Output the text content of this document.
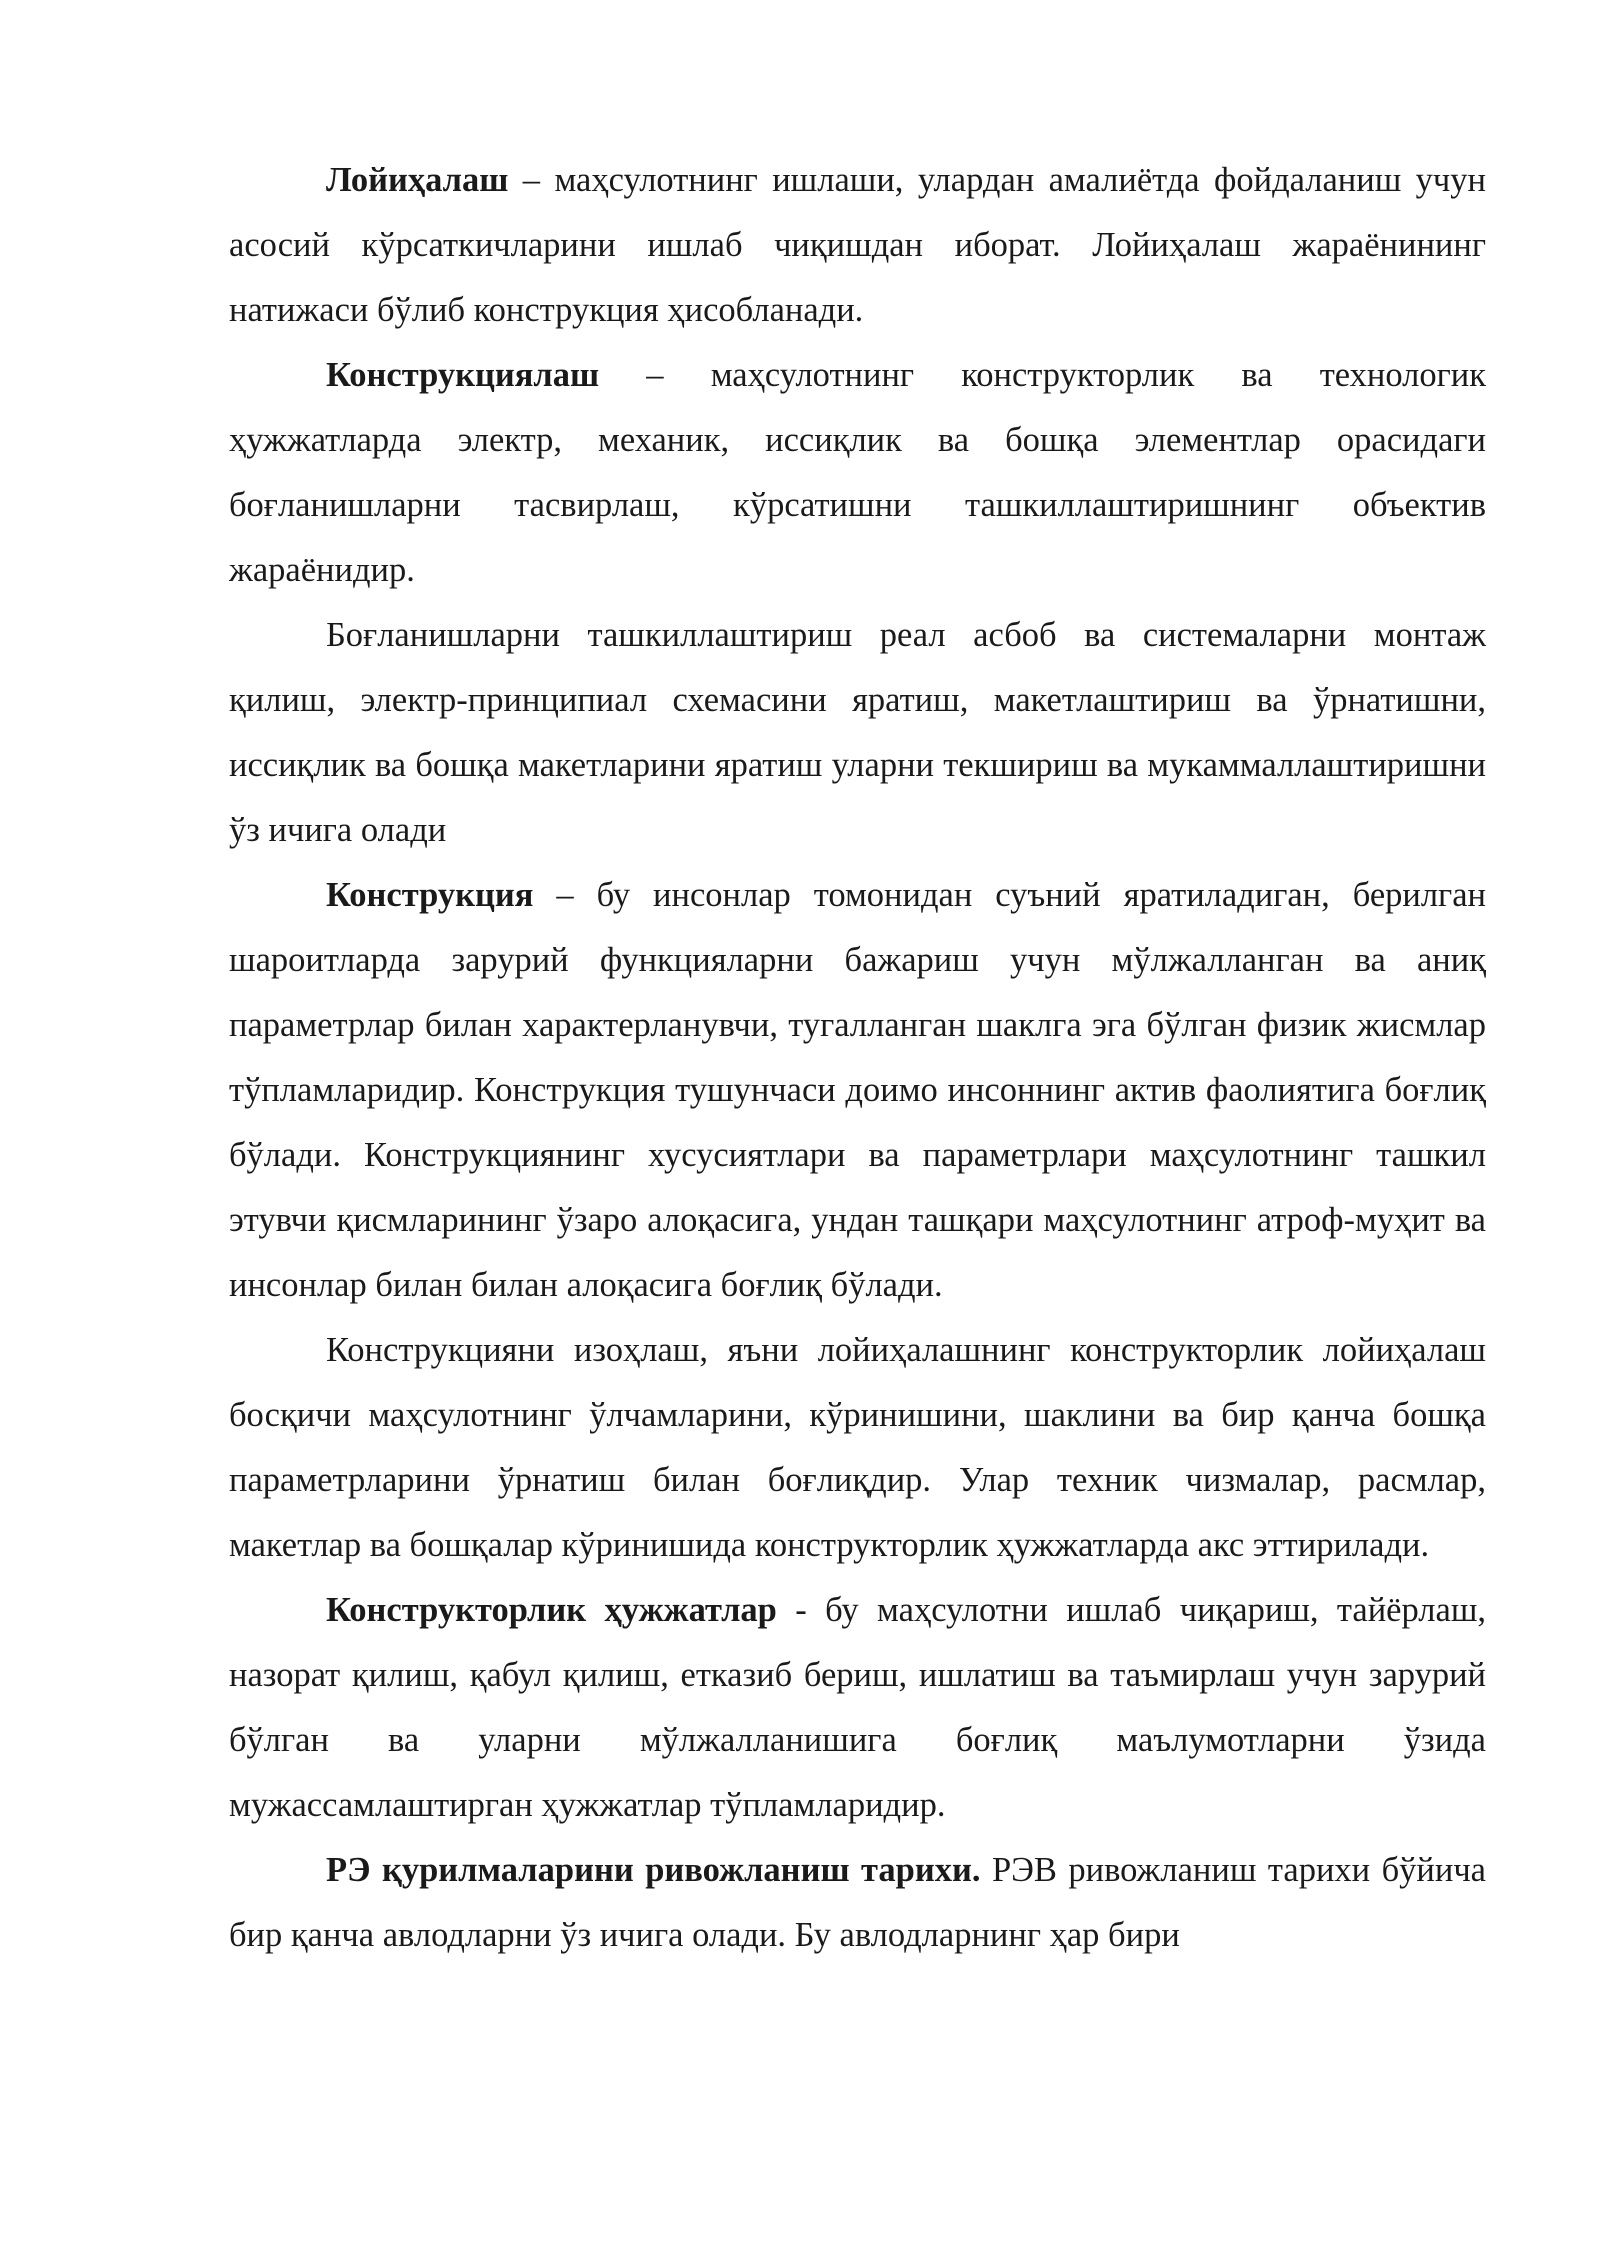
Лойиҳалаш – маҳсулотнинг ишлаши, улардан амалиётда фойдаланиш учун асосий кўрсаткичларини ишлаб чиқишдан иборат. Лойиҳалаш жараёнининг натижаси бўлиб конструкция ҳисобланади.

Конструкциялаш – маҳсулотнинг конструкторлик ва технологик ҳужжатларда электр, механик, иссиқлик ва бошқа элементлар орасидаги боғланишларни тасвирлаш, кўрсатишни ташкиллаштиришнинг объектив жараёнидир.

Боғланишларни ташкиллаштириш реал асбоб ва системаларни монтаж қилиш, электр-принципиал схемасини яратиш, макетлаштириш ва ўрнатишни, иссиқлик ва бошқа макетларини яратиш уларни текшириш ва мукаммаллаштиришни ўз ичига олади

Конструкция – бу инсонлар томонидан суъний яратиладиган, берилган шароитларда зарурий функцияларни бажариш учун мўлжалланган ва аниқ параметрлар билан характерланувчи, тугалланган шаклга эга бўлган физик жисмлар тўпламларидир. Конструкция тушунчаси доимо инсоннинг актив фаолиятига боғлиқ бўлади. Конструкциянинг хусусиятлари ва параметрлари маҳсулотнинг ташкил этувчи қисмларининг ўзаро алоқасига, ундан ташқари маҳсулотнинг атроф-муҳит ва инсонлар билан билан алоқасига боғлиқ бўлади.

Конструкцияни изоҳлаш, яъни лойиҳалашнинг конструкторлик лойиҳалаш босқичи маҳсулотнинг ўлчамларини, кўринишини, шаклини ва бир қанча бошқа параметрларини ўрнатиш билан боғлиқдир. Улар техник чизмалар, расмлар, макетлар ва бошқалар кўринишида конструкторлик ҳужжатларда акс эттирилади.

Конструкторлик ҳужжатлар - бу маҳсулотни ишлаб чиқариш, тайёрлаш, назорат қилиш, қабул қилиш, етказиб бериш, ишлатиш ва таъмирлаш учун зарурий бўлган ва уларни мўлжалланишига боғлиқ маълумотларни ўзида мужассамлаштирган ҳужжатлар тўпламларидир.

РЭ қурилмаларини ривожланиш тарихи. РЭВ ривожланиш тарихи бўйича бир қанча авлодларни ўз ичига олади. Бу авлодларнинг ҳар бири
